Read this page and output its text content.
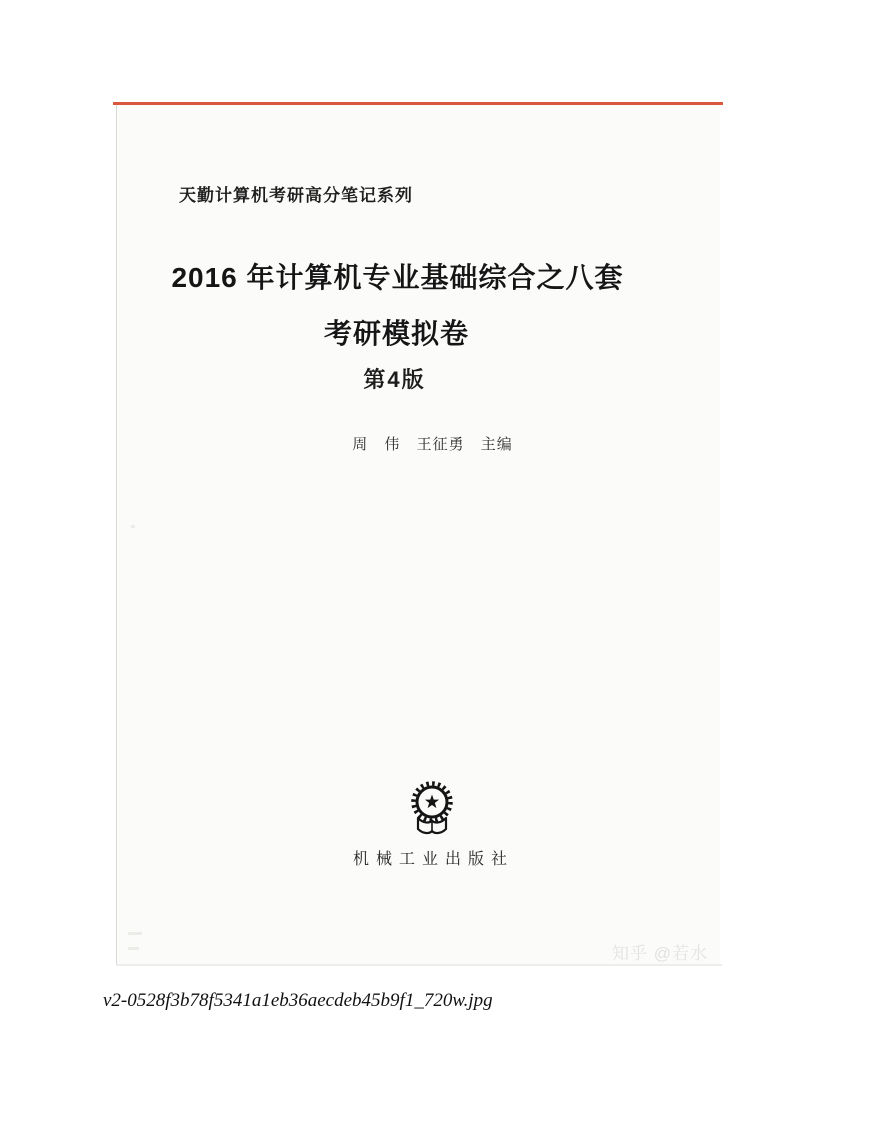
天勤计算机考研高分笔记系列
2016 年计算机专业基础综合之八套
考研模拟卷
第4版
周 伟 王征勇 主编
机械工业出版社
知乎 @若水
v2-0528f3b78f5341a1eb36aecdeb45b9f1_720w.jpg
